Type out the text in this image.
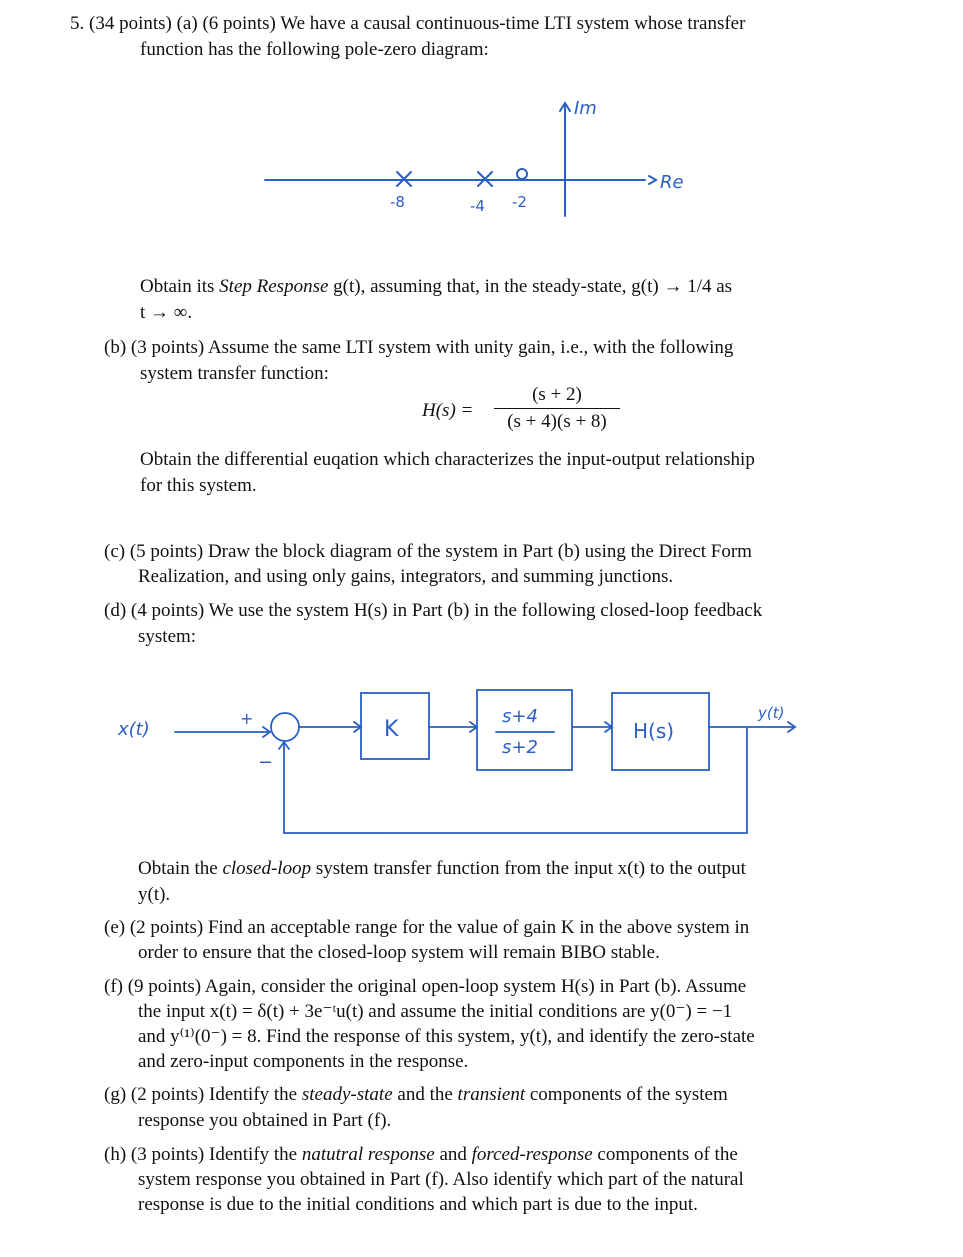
5. (34 points) (a) (6 points) We have a causal continuous-time LTI system whose transfer
function has the following pole-zero diagram:
Im
Re
-8	-4 -2
Obtain its Step Response g(t), assuming that, in the steady-state, g(t) → 1/4 as
t → ∞.
(b) (3 points) Assume the same LTI system with unity gain, i.e., with the following
system transfer function:
H(s) =
(s + 2)
(s + 4)(s + 8)
Obtain the differential euqation which characterizes the input-output relationship
for this system.
(c) (5 points) Draw the block diagram of the system in Part (b) using the Direct Form
Realization, and using only gains, integrators, and summing junctions.
(d) (4 points) We use the system H(s) in Part (b) in the following closed-loop feedback
system:
x(t)
y(t)
+
−
K
s+4
s+2
H(s)
Obtain the closed-loop system transfer function from the input x(t) to the output
y(t).
(e) (2 points) Find an acceptable range for the value of gain K in the above system in
order to ensure that the closed-loop system will remain BIBO stable.
(f) (9 points) Again, consider the original open-loop system H(s) in Part (b). Assume
the input x(t) = δ(t) + 3e⁻ᵗu(t) and assume the initial conditions are y(0⁻) = −1
and y⁽¹⁾(0⁻) = 8. Find the response of this system, y(t), and identify the zero-state
and zero-input components in the response.
(g) (2 points) Identify the steady-state and the transient components of the system
response you obtained in Part (f).
(h) (3 points) Identify the natutral response and forced-response components of the
system response you obtained in Part (f). Also identify which part of the natural
response is due to the initial conditions and which part is due to the input.
